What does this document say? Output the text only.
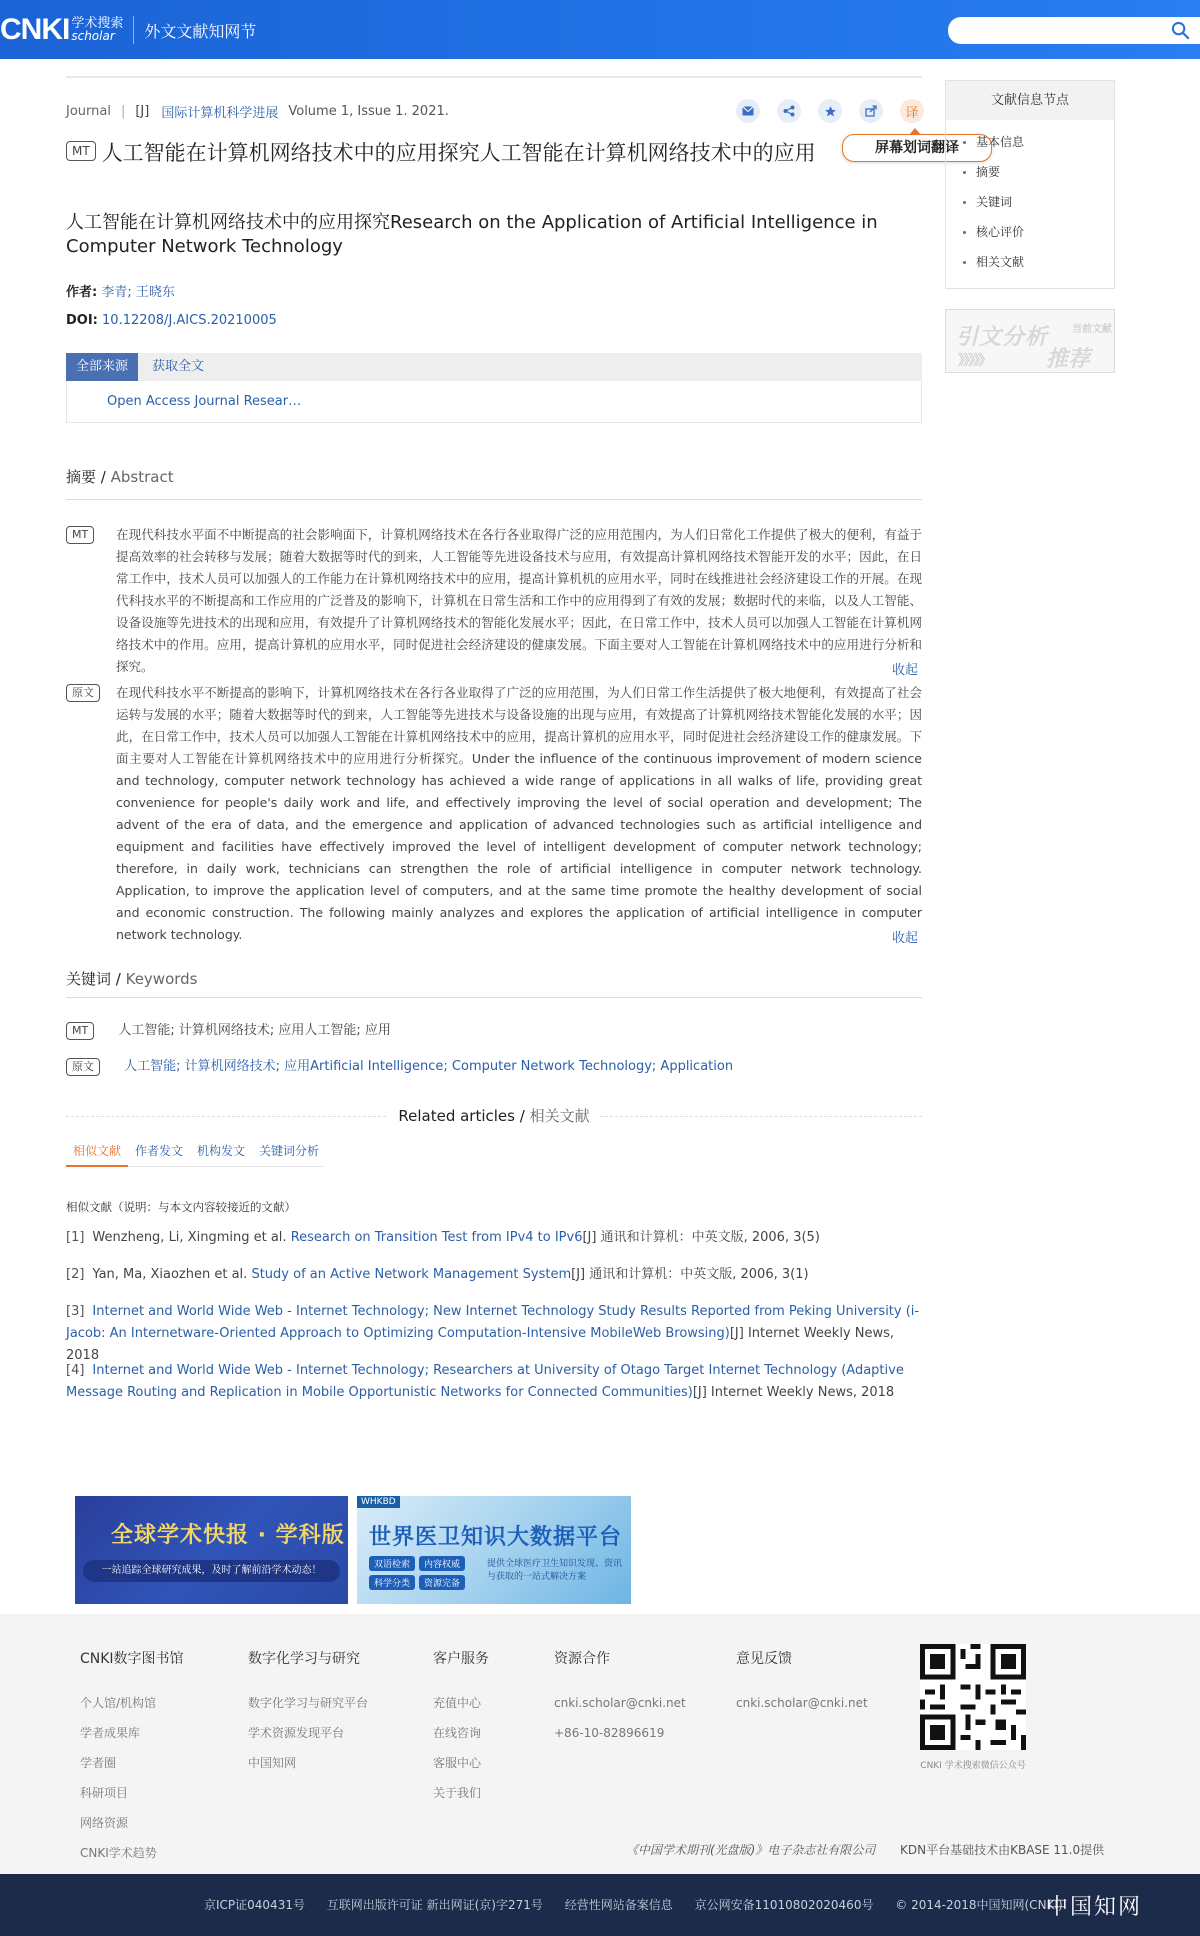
CNKI 学术搜索
scholar	外文文献知网节
Journal | [J] 国际计算机科学进展 Volume 1, Issue 1. 2021.	译
屏幕划词翻译
MT 人工智能在计算机网络技术中的应用探究人工智能在计算机网络技术中的应用
人工智能在计算机网络技术中的应用探究Research on the Application of Artificial Intelligence in Computer Network Technology
作者: 李青; 王晓东
DOI: 10.12208/J.AICS.20210005
全部来源	获取全文
Open Access Journal Resear…
摘要 / Abstract
MT	在现代科技水平面不中断提高的社会影响面下，计算机网络技术在各行各业取得广泛的应用范围内，为人们日常化工作提供了极大的便利，有益于提高效率的社会转移与发展；随着大数据等时代的到来，人工智能等先进设备技术与应用，有效提高计算机网络技术智能开发的水平；因此，在日常工作中，技术人员可以加强人的工作能力在计算机网络技术中的应用，提高计算机机的应用水平，同时在线推进社会经济建设工作的开展。在现代科技水平的不断提高和工作应用的广泛普及的影响下，计算机在日常生活和工作中的应用得到了有效的发展；数据时代的来临，以及人工智能、设备设施等先进技术的出现和应用，有效提升了计算机网络技术的智能化发展水平；因此，在日常工作中，技术人员可以加强人工智能在计算机网络技术中的作用。应用，提高计算机的应用水平，同时促进社会经济建设的健康发展。下面主要对人工智能在计算机网络技术中的应用进行分析和探究。	收起
原文	在现代科技水平不断提高的影响下，计算机网络技术在各行各业取得了广泛的应用范围，为人们日常工作生活提供了极大地便利，有效提高了社会运转与发展的水平；随着大数据等时代的到来，人工智能等先进技术与设备设施的出现与应用，有效提高了计算机网络技术智能化发展的水平；因此，在日常工作中，技术人员可以加强人工智能在计算机网络技术中的应用，提高计算机的应用水平，同时促进社会经济建设工作的健康发展。下面主要对人工智能在计算机网络技术中的应用进行分析探究。Under the influence of the continuous improvement of modern science and technology, computer network technology has achieved a wide range of applications in all walks of life, providing great convenience for people's daily work and life, and effectively improving the level of social operation and development; The advent of the era of data, and the emergence and application of advanced technologies such as artificial intelligence and equipment and facilities have effectively improved the level of intelligent development of computer network technology; therefore, in daily work, technicians can strengthen the role of artificial intelligence in computer network technology. Application, to improve the application level of computers, and at the same time promote the healthy development of social and economic construction. The following mainly analyzes and explores the application of artificial intelligence in computer network technology.	收起
关键词 / Keywords
MT 人工智能; 计算机网络技术; 应用人工智能; 应用
原文 人工智能; 计算机网络技术; 应用Artificial Intelligence; Computer Network Technology; Application
Related articles / 相关文献
相似文献	作者发文	机构发文	关键词分析
相似文献（说明：与本文内容较接近的文献）
[1] Wenzheng, Li, Xingming et al. Research on Transition Test from IPv4 to IPv6[J] 通讯和计算机：中英文版, 2006, 3(5)
[2] Yan, Ma, Xiaozhen et al. Study of an Active Network Management System[J] 通讯和计算机：中英文版, 2006, 3(1)
[3] Internet and World Wide Web - Internet Technology; New Internet Technology Study Results Reported from Peking University (i-Jacob: An Internetware-Oriented Approach to Optimizing Computation-Intensive MobileWeb Browsing)[J] Internet Weekly News, 2018
[4] Internet and World Wide Web - Internet Technology; Researchers at University of Otago Target Internet Technology (Adaptive Message Routing and Replication in Mobile Opportunistic Networks for Connected Communities)[J] Internet Weekly News, 2018
文献信息节点
基本信息
摘要
关键词
核心评价
相关文献
引文分析 当前文献
》》》》》	推荐
全球学术快报 · 学科版
一站追踪全球研究成果，及时了解前沿学术动态！
WHKBD
世界医卫知识大数据平台
双语检索	内容权威
科学分类	资源完备
提供全球医疗卫生知识发现、资讯与获取的一站式解决方案
CNKI数字图书馆
个人馆/机构馆
学者成果库
学者圈
科研项目
网络资源
CNKI学术趋势
数字化学习与研究
数字化学习与研究平台
学术资源发现平台
中国知网
客户服务
充值中心
在线咨询
客服中心
关于我们
资源合作
cnki.scholar@cnki.net
+86-10-82896619
意见反馈
cnki.scholar@cnki.net
CNKI 学术搜索微信公众号
《中国学术期刊(光盘版)》电子杂志社有限公司 KDN平台基础技术由KBASE 11.0提供
京ICP证040431号 互联网出版许可证 新出网证(京)字271号 经营性网站备案信息 京公网安备11010802020460号 © 2014-2018中国知网(CNKI)
中国知网
